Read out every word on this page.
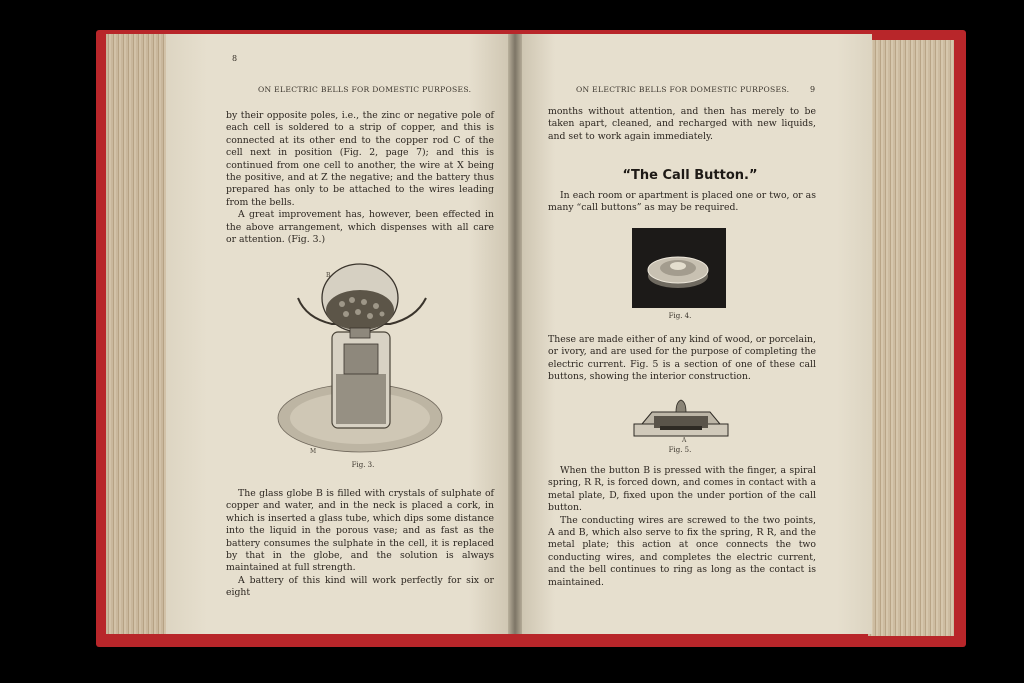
8
ON ELECTRIC BELLS FOR DOMESTIC PURPOSES.

by their opposite poles, i.e., the zinc or negative pole of each cell is soldered to a strip of copper, and this is connected at its other end to the copper rod C of the cell next in position (Fig. 2, page 7); and this is continued from one cell to another, the wire at X being the positive, and at Z the negative; and the battery thus prepared has only to be attached to the wires leading from the bells.

A great improvement has, however, been effected in the above arrangement, which dispenses with all care or attention. (Fig. 3.)

B
M
Fig. 3.

The glass globe B is filled with crystals of sulphate of copper and water, and in the neck is placed a cork, in which is inserted a glass tube, which dips some distance into the liquid in the porous vase; and as fast as the battery consumes the sulphate in the cell, it is replaced by that in the globe, and the solution is always maintained at full strength.

A battery of this kind will work perfectly for six or eight

ON ELECTRIC BELLS FOR DOMESTIC PURPOSES.	9

months without attention, and then has merely to be taken apart, cleaned, and recharged with new liquids, and set to work again immediately.

“The Call Button.”

In each room or apartment is placed one or two, or as many “call buttons” as may be required.

Fig. 4.

These are made either of any kind of wood, or porcelain, or ivory, and are used for the purpose of completing the electric current. Fig. 5 is a section of one of these call buttons, showing the interior construction.

A
Fig. 5.

When the button B is pressed with the finger, a spiral spring, R R, is forced down, and comes in contact with a metal plate, D, fixed upon the under portion of the call button.

The conducting wires are screwed to the two points, A and B, which also serve to fix the spring, R R, and the metal plate; this action at once connects the two conducting wires, and completes the electric current, and the bell continues to ring as long as the contact is maintained.
